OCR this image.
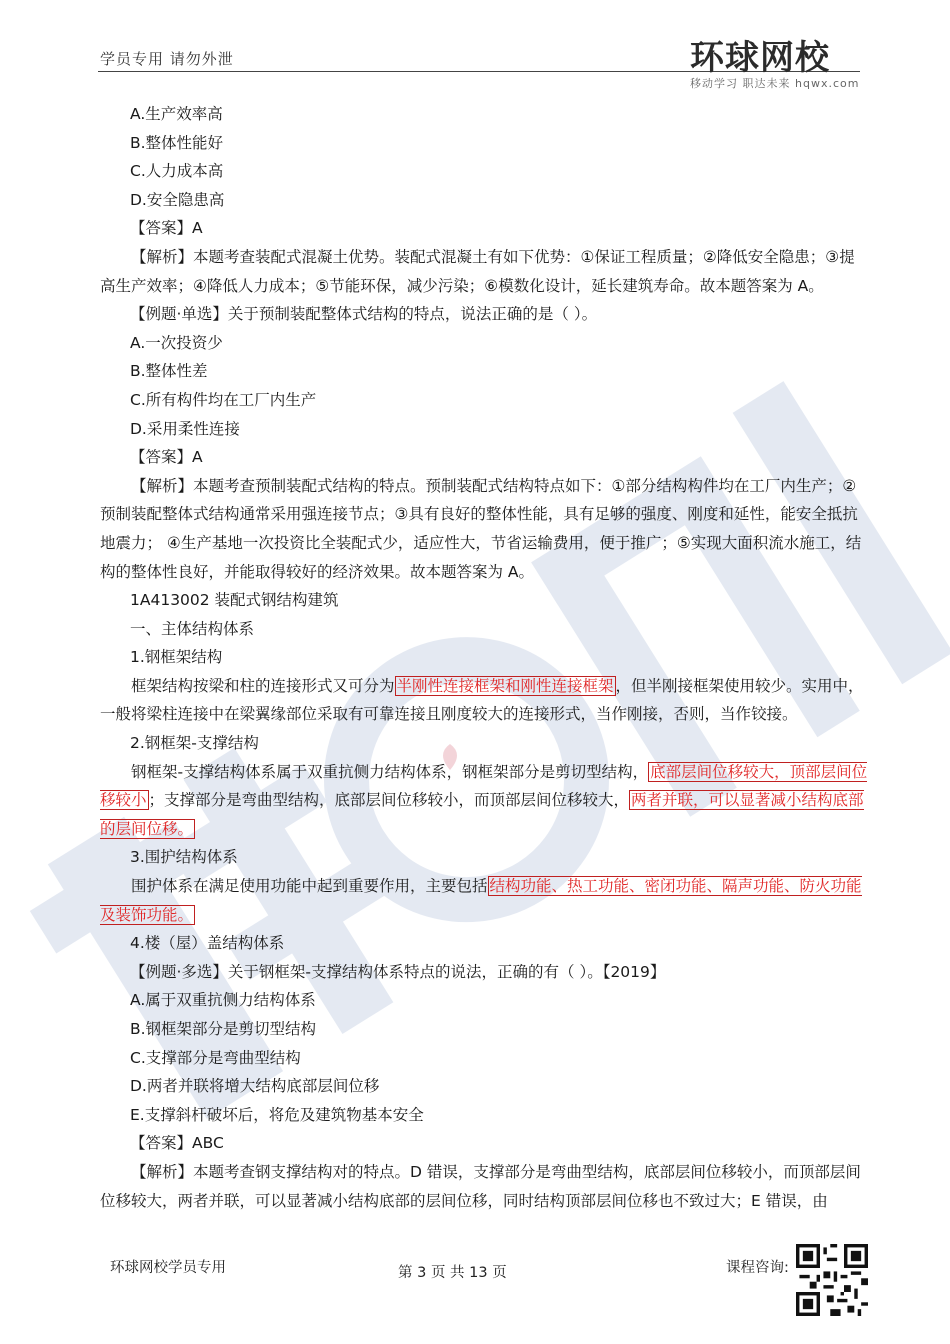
学员专用 请勿外泄	环球网校
移动学习 职达未来 hqwx.com

A.生产效率高

B.整体性能好

C.人力成本高

D.安全隐患高

【答案】A

【解析】本题考查装配式混凝土优势。装配式混凝土有如下优势：①保证工程质量；②降低安全隐患；③提高生产效率；④降低人力成本；⑤节能环保，减少污染；⑥模数化设计，延长建筑寿命。故本题答案为 A。

【例题·单选】关于预制装配整体式结构的特点，说法正确的是（ ）。

A.一次投资少

B.整体性差

C.所有构件均在工厂内生产

D.采用柔性连接

【答案】A

【解析】本题考查预制装配式结构的特点。预制装配式结构特点如下：①部分结构构件均在工厂内生产；②预制装配整体式结构通常采用强连接节点；③具有良好的整体性能，具有足够的强度、刚度和延性，能安全抵抗地震力； ④生产基地一次投资比全装配式少，适应性大，节省运输费用，便于推广；⑤实现大面积流水施工，结构的整体性良好，并能取得较好的经济效果。故本题答案为 A。

1A413002 装配式钢结构建筑

一、主体结构体系

1.钢框架结构

框架结构按梁和柱的连接形式又可分为 半刚性连接框架和刚性连接框架 ，但半刚接框架使用较少。实用中，一般将梁柱连接中在梁翼缘部位采取有可靠连接且刚度较大的连接形式，当作刚接，否则，当作铰接。

2.钢框架-支撑结构

钢框架-支撑结构体系属于双重抗侧力结构体系，钢框架部分是剪切型结构， 底部层间位移较大，顶部层间位移较小 ；支撑部分是弯曲型结构，底部层间位移较小，而顶部层间位移较大， 两者并联，可以显著减小结构底部的层间位移。

3.围护结构体系

围护体系在满足使用功能中起到重要作用，主要包括 结构功能、热工功能、密闭功能、隔声功能、防火功能及装饰功能。

4.楼（屋）盖结构体系

【例题·多选】关于钢框架-支撑结构体系特点的说法，正确的有（ ）。【2019】

A.属于双重抗侧力结构体系

B.钢框架部分是剪切型结构

C.支撑部分是弯曲型结构

D.两者并联将增大结构底部层间位移

E.支撑斜杆破坏后，将危及建筑物基本安全

【答案】ABC

【解析】本题考查钢支撑结构对的特点。D 错误，支撑部分是弯曲型结构，底部层间位移较小，而顶部层间位移较大，两者并联，可以显著减小结构底部的层间位移，同时结构顶部层间位移也不致过大；E 错误，由

环球网校学员专用	第 3 页 共 13 页	课程咨询:
